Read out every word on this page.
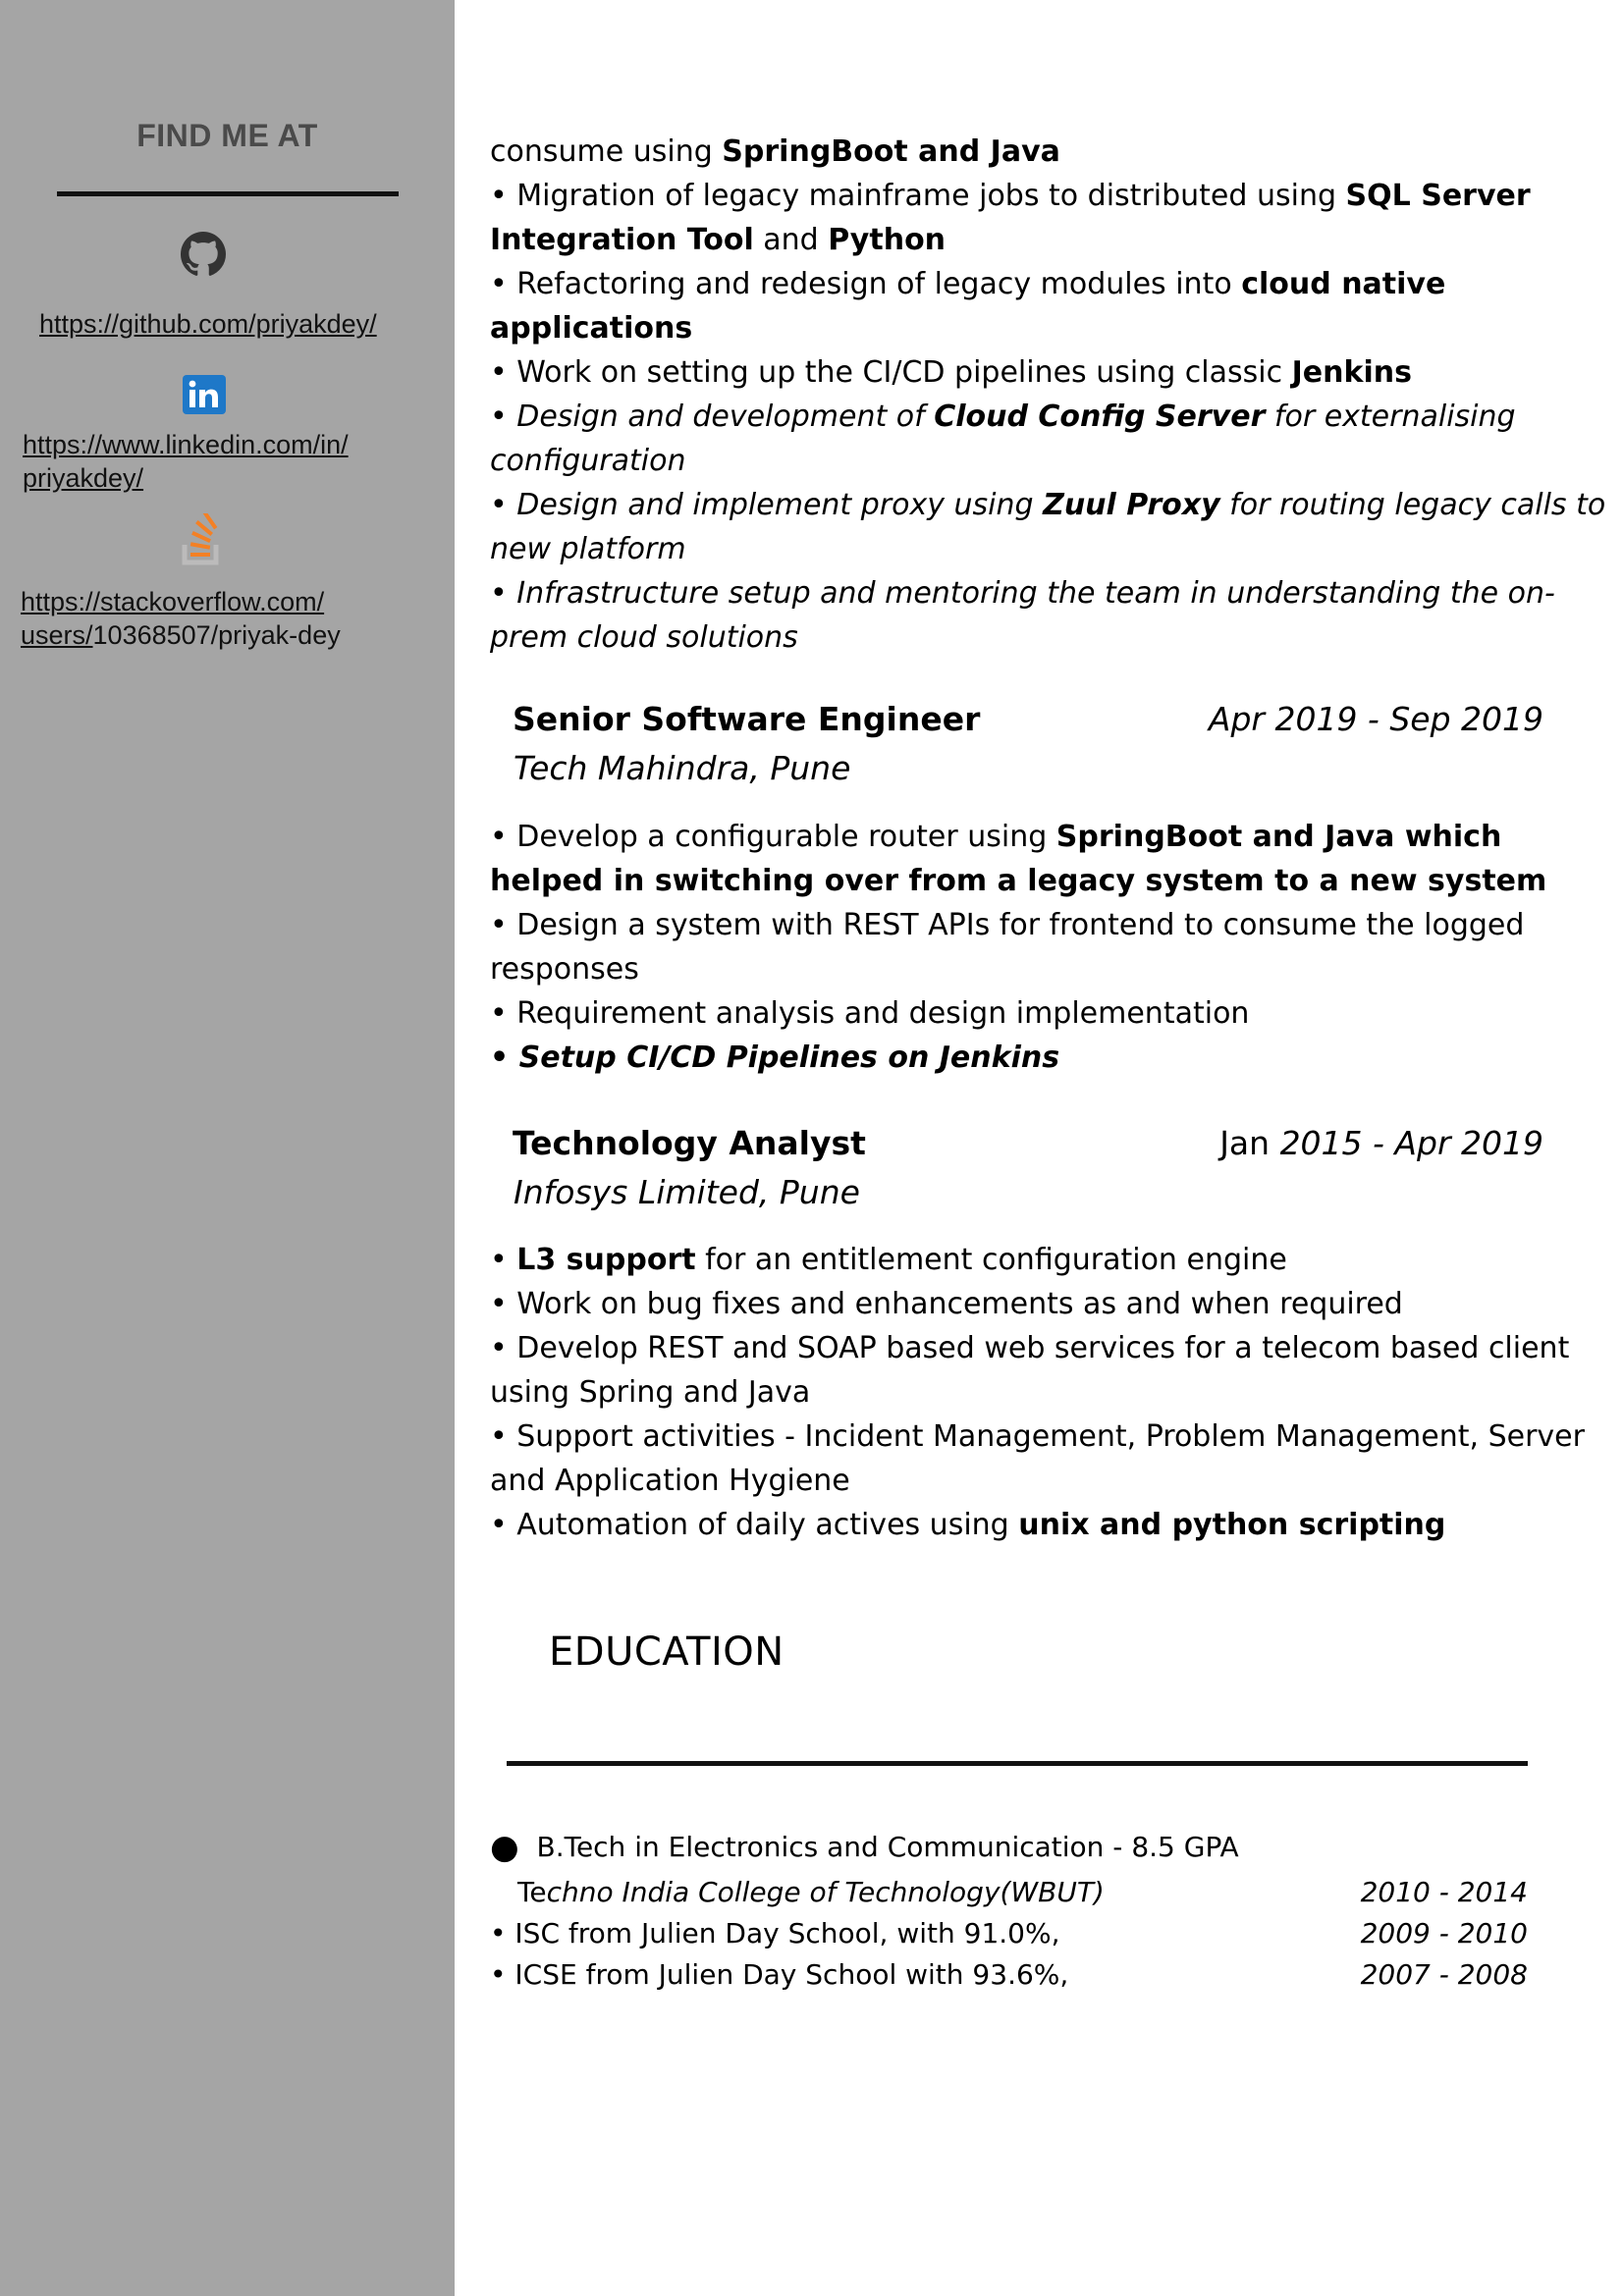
FIND ME AT
https://github.com/priyakdey/
https://www.linkedin.com/in/
priyakdey/
https://stackoverflow.com/
users/10368507/priyak-dey

consume using SpringBoot and Java

• Migration of legacy mainframe jobs to distributed using SQL Server Integration Tool and Python

• Refactoring and redesign of legacy modules into cloud native applications

• Work on setting up the CI/CD pipelines using classic Jenkins

• Design and development of Cloud Config Server for externalising configuration

• Design and implement proxy using Zuul Proxy for routing legacy calls to new platform

• Infrastructure setup and mentoring the team in understanding the on-prem cloud solutions

Senior Software Engineer	Apr 2019 - Sep 2019
Tech Mahindra, Pune

• Develop a configurable router using SpringBoot and Java which helped in switching over from a legacy system to a new system

• Design a system with REST APIs for frontend to consume the logged responses

• Requirement analysis and design implementation

• Setup CI/CD Pipelines on Jenkins

Technology Analyst	Jan 2015 - Apr 2019
Infosys Limited, Pune

• L3 support for an entitlement configuration engine

• Work on bug fixes and enhancements as and when required

• Develop REST and SOAP based web services for a telecom based client using Spring and Java

• Support activities - Incident Management, Problem Management, Server and Application Hygiene

• Automation of daily actives using unix and python scripting

EDUCATION
● B.Tech in Electronics and Communication - 8.5 GPA
Techno India College of Technology(WBUT)	2010 - 2014
• ISC from Julien Day School, with 91.0%,	2009 - 2010
• ICSE from Julien Day School with 93.6%,	2007 - 2008
